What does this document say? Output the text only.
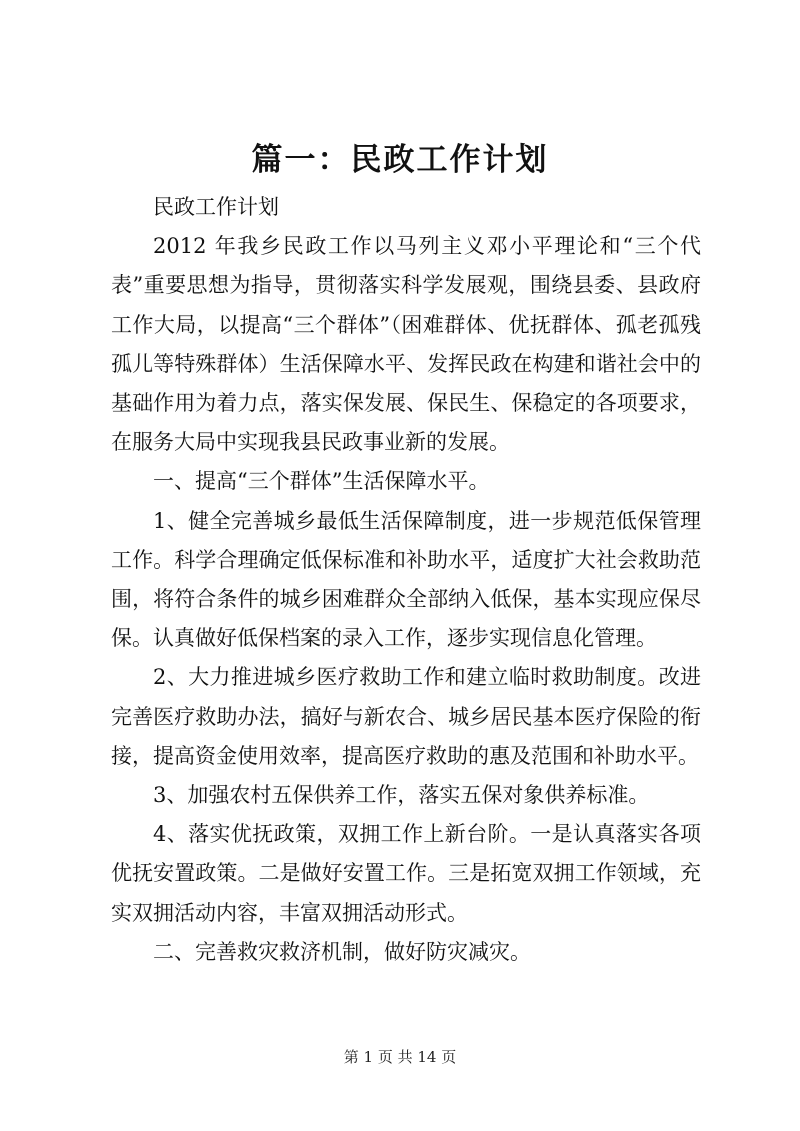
篇一：民政工作计划

民政工作计划

2012 年我乡民政工作以马列主义邓小平理论和“三个代表”重要思想为指导，贯彻落实科学发展观，围绕县委、县政府工作大局，以提高“三个群体”（困难群体、优抚群体、孤老孤残孤儿等特殊群体）生活保障水平、发挥民政在构建和谐社会中的基础作用为着力点，落实保发展、保民生、保稳定的各项要求，在服务大局中实现我县民政事业新的发展。

一、提高“三个群体”生活保障水平。

1、健全完善城乡最低生活保障制度，进一步规范低保管理工作。科学合理确定低保标准和补助水平，适度扩大社会救助范围，将符合条件的城乡困难群众全部纳入低保，基本实现应保尽保。认真做好低保档案的录入工作，逐步实现信息化管理。

2、大力推进城乡医疗救助工作和建立临时救助制度。改进完善医疗救助办法，搞好与新农合、城乡居民基本医疗保险的衔接，提高资金使用效率，提高医疗救助的惠及范围和补助水平。

3、加强农村五保供养工作，落实五保对象供养标准。

4、落实优抚政策，双拥工作上新台阶。一是认真落实各项优抚安置政策。二是做好安置工作。三是拓宽双拥工作领域，充实双拥活动内容，丰富双拥活动形式。

二、完善救灾救济机制，做好防灾减灾。

第 1 页 共 14 页
